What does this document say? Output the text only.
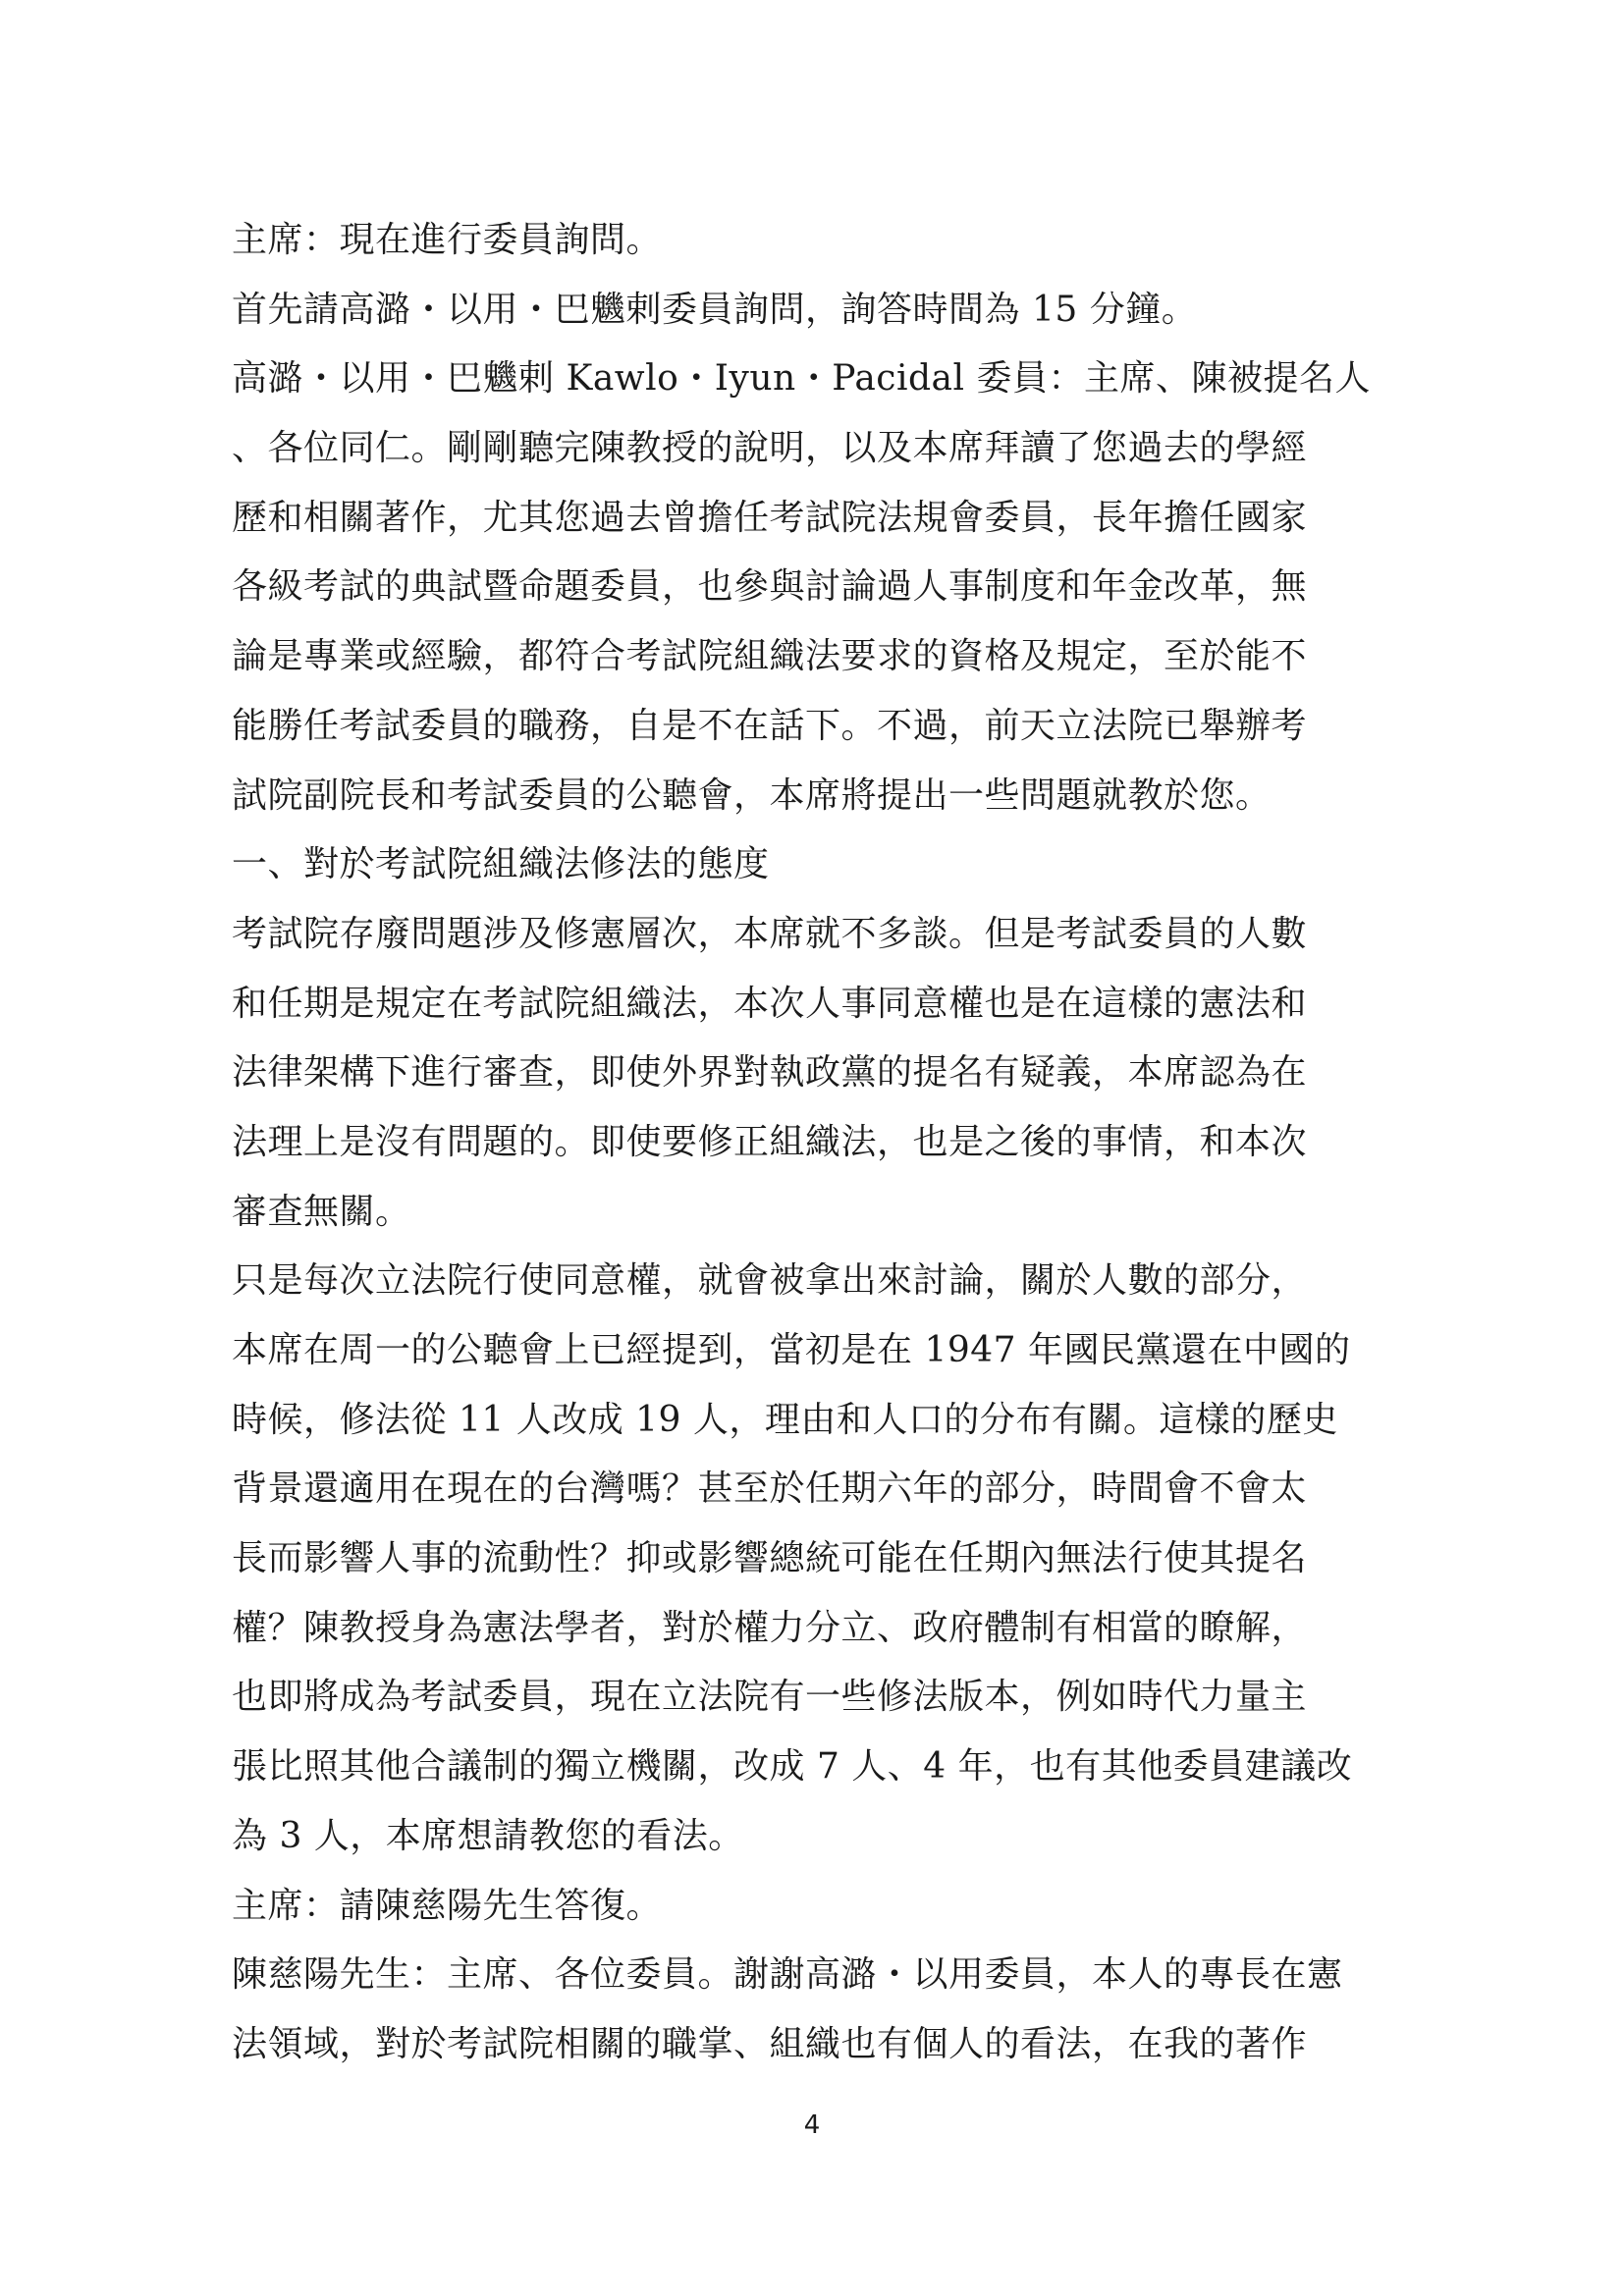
主席：現在進行委員詢問。
首先請高潞・以用・巴魕剌委員詢問，詢答時間為 15 分鐘。
高潞・以用・巴魕剌 Kawlo・Iyun・Pacidal 委員：主席、陳被提名人
、各位同仁。剛剛聽完陳教授的說明，以及本席拜讀了您過去的學經
歷和相關著作，尤其您過去曾擔任考試院法規會委員，長年擔任國家
各級考試的典試暨命題委員，也參與討論過人事制度和年金改革，無
論是專業或經驗，都符合考試院組織法要求的資格及規定，至於能不
能勝任考試委員的職務，自是不在話下。不過，前天立法院已舉辦考
試院副院長和考試委員的公聽會，本席將提出一些問題就教於您。
一、對於考試院組織法修法的態度
考試院存廢問題涉及修憲層次，本席就不多談。但是考試委員的人數
和任期是規定在考試院組織法，本次人事同意權也是在這樣的憲法和
法律架構下進行審查，即使外界對執政黨的提名有疑義，本席認為在
法理上是沒有問題的。即使要修正組織法，也是之後的事情，和本次
審查無關。
只是每次立法院行使同意權，就會被拿出來討論，關於人數的部分，
本席在周一的公聽會上已經提到，當初是在 1947 年國民黨還在中國的
時候，修法從 11 人改成 19 人，理由和人口的分布有關。這樣的歷史
背景還適用在現在的台灣嗎？甚至於任期六年的部分，時間會不會太
長而影響人事的流動性？抑或影響總統可能在任期內無法行使其提名
權？陳教授身為憲法學者，對於權力分立、政府體制有相當的瞭解，
也即將成為考試委員，現在立法院有一些修法版本，例如時代力量主
張比照其他合議制的獨立機關，改成 7 人、4 年，也有其他委員建議改
為 3 人，本席想請教您的看法。
主席：請陳慈陽先生答復。
陳慈陽先生：主席、各位委員。謝謝高潞・以用委員，本人的專長在憲
法領域，對於考試院相關的職掌、組織也有個人的看法，在我的著作
4
